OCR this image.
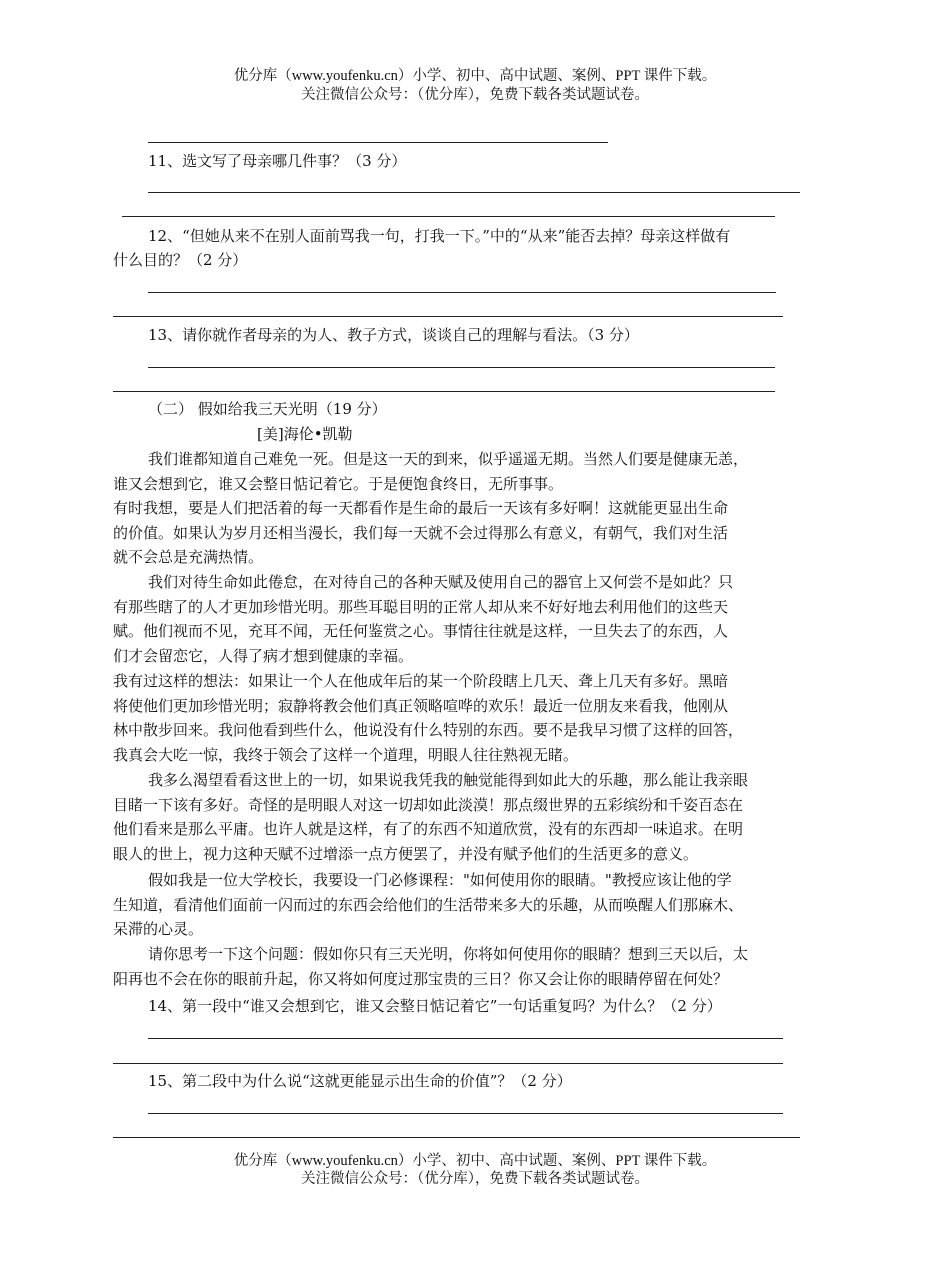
优分库（www.youfenku.cn）小学、初中、高中试题、案例、PPT 课件下载。
关注微信公众号：（优分库），免费下载各类试题试卷。
11、选文写了母亲哪几件事？（3 分）
12、“但她从来不在别人面前骂我一句，打我一下。”中的“从来”能否去掉？母亲这样做有
什么目的？（2 分）
13、请你就作者母亲的为人、教子方式，谈谈自己的理解与看法。（3 分）
（二） 假如给我三天光明（19 分）
[美]海伦•凯勒
我们谁都知道自己难免一死。但是这一天的到来，似乎遥遥无期。当然人们要是健康无恙，
谁又会想到它，谁又会整日惦记着它。于是便饱食终日，无所事事。
有时我想，要是人们把活着的每一天都看作是生命的最后一天该有多好啊！这就能更显出生命
的价值。如果认为岁月还相当漫长，我们每一天就不会过得那么有意义，有朝气，我们对生活
就不会总是充满热情。
我们对待生命如此倦怠，在对待自己的各种天赋及使用自己的器官上又何尝不是如此？只
有那些瞎了的人才更加珍惜光明。那些耳聪目明的正常人却从来不好好地去利用他们的这些天
赋。他们视而不见，充耳不闻，无任何鉴赏之心。事情往往就是这样，一旦失去了的东西，人
们才会留恋它，人得了病才想到健康的幸福。
我有过这样的想法：如果让一个人在他成年后的某一个阶段瞎上几天、聋上几天有多好。黑暗
将使他们更加珍惜光明；寂静将教会他们真正领略喧哗的欢乐！最近一位朋友来看我，他刚从
林中散步回来。我问他看到些什么，他说没有什么特别的东西。要不是我早习惯了这样的回答，
我真会大吃一惊，我终于领会了这样一个道理，明眼人往往熟视无睹。
我多么渴望看看这世上的一切，如果说我凭我的触觉能得到如此大的乐趣，那么能让我亲眼
目睹一下该有多好。奇怪的是明眼人对这一切却如此淡漠！那点缀世界的五彩缤纷和千姿百态在
他们看来是那么平庸。也许人就是这样，有了的东西不知道欣赏，没有的东西却一味追求。在明
眼人的世上，视力这种天赋不过增添一点方便罢了，并没有赋予他们的生活更多的意义。
假如我是一位大学校长，我要设一门必修课程："如何使用你的眼睛。"教授应该让他的学
生知道，看清他们面前一闪而过的东西会给他们的生活带来多大的乐趣，从而唤醒人们那麻木、
呆滞的心灵。
请你思考一下这个问题：假如你只有三天光明，你将如何使用你的眼睛？想到三天以后，太
阳再也不会在你的眼前升起，你又将如何度过那宝贵的三日？你又会让你的眼睛停留在何处？
14、第一段中“谁又会想到它，谁又会整日惦记着它”一句话重复吗？为什么？（2 分）
15、第二段中为什么说“这就更能显示出生命的价值”？（2 分）
优分库（www.youfenku.cn）小学、初中、高中试题、案例、PPT 课件下载。
关注微信公众号：（优分库），免费下载各类试题试卷。
